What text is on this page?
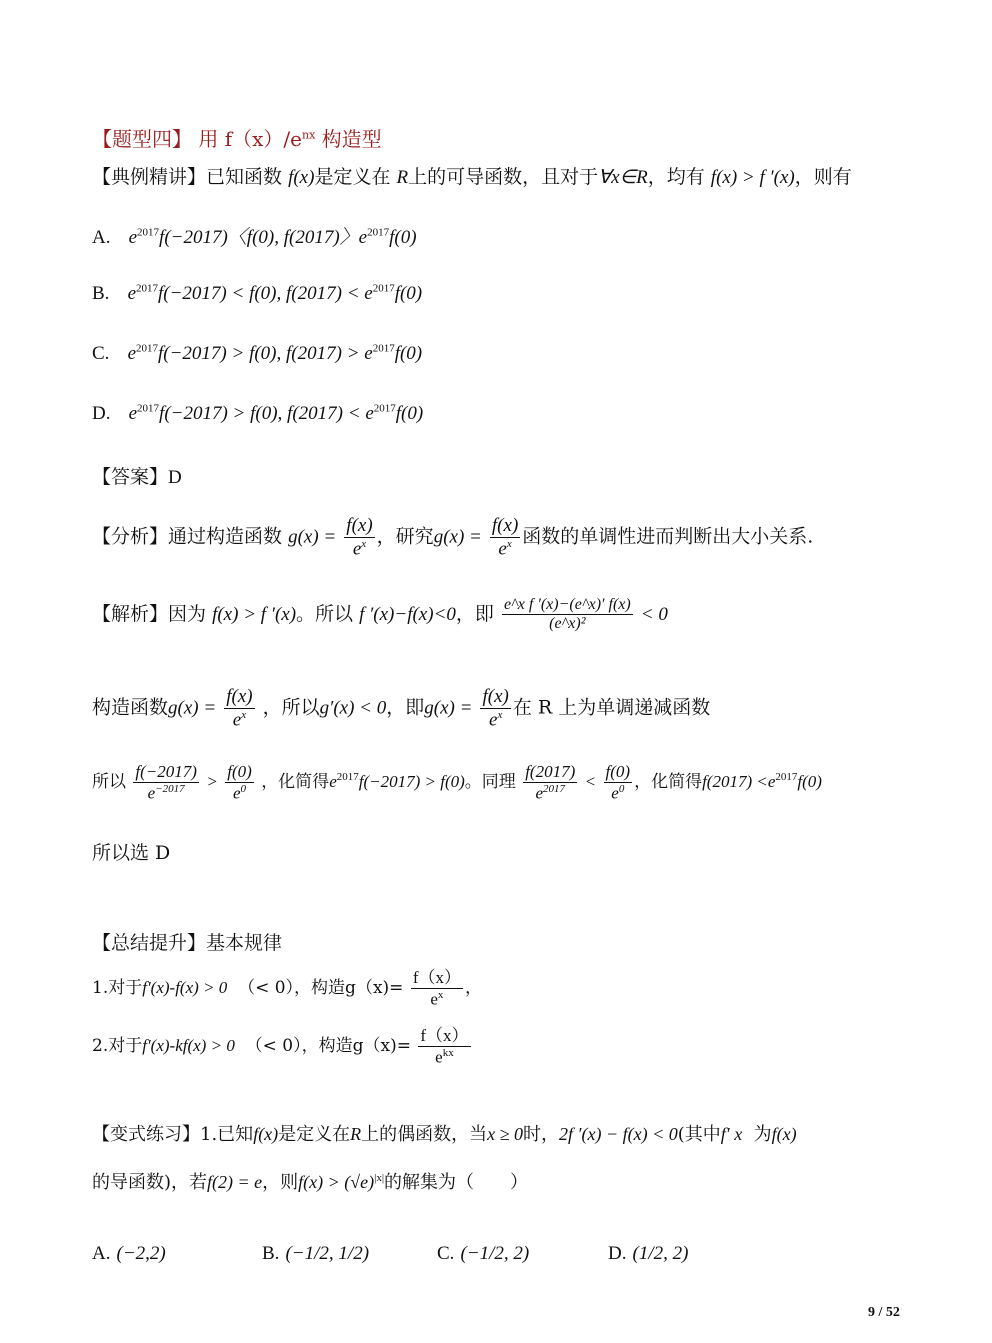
【题型四】 用 $f(x)/e^{nx}$ 构造型
【典例精讲】已知函数 f(x)是定义在 R上的可导函数，且对于∀x∈R，均有 f(x) > f ′(x)，则有
A. $e^{2017}f(-2017)$〈f(0), f(2017)〉$e^{2017}f(0)$
B. $e^{2017}f(-2017) < f(0)$, $f(2017) < e^{2017}f(0)$
C. $e^{2017}f(-2017) > f(0)$, $f(2017) > e^{2017}f(0)$
D. $e^{2017}f(-2017) > f(0)$, $f(2017) < e^{2017}f(0)$
【答案】D
【分析】通过构造函数 $g(x) = \frac{f(x)}{e^x}$ ，研究$g(x) = \frac{f(x)}{e^x}$ 函数的单调性进而判断出大小关系.
【解析】因为 f(x) > f ′(x)。所以 f ′(x)−f(x)<0，即 $\frac{\text{e\textasciicircum{}x f ′(x)−(e\textasciicircum{}x)′ f(x)}}{\text{(e\textasciicircum{}x)²}} < 0$
构造函数$g(x) = \frac{f(x)}{e^x}$ ，所以g′(x) < 0，即$g(x) = \frac{f(x)}{e^x}$ 在 R 上为单调递减函数
所以 $\frac{f(-2017)}{e^{-2017}} > \frac{f(0)}{e^0}$ ，化简得$e^{2017}f(-2017) > f(0)$。同理 $\frac{f(2017)}{e^{2017}} < \frac{f(0)}{e^0}$ ，化简得$f(2017) <e^{2017}f(0)$
所以选 D
【总结提升】基本规律
1.对于f′(x)-f(x) > 0 （< 0），构造$g(x)= \frac{f(x)}{e^x}$ ，
2.对于f′(x)-kf(x) > 0 （< 0），构造$g(x)= \frac{f(x)}{e^{kx}}$
【变式练习】1.已知f(x)是定义在R上的偶函数，当x ≥ 0时，2f ′(x) − f(x) < 0(其中f′ x 为f(x)
的导函数)，若f(2) = e，则$f(x) > (√e)^{|x|}$的解集为（　　）
A. (−2,2)	B. (−1/2, 1/2)	C. (−1/2, 2)	D. (1/2, 2)
9 / 52
